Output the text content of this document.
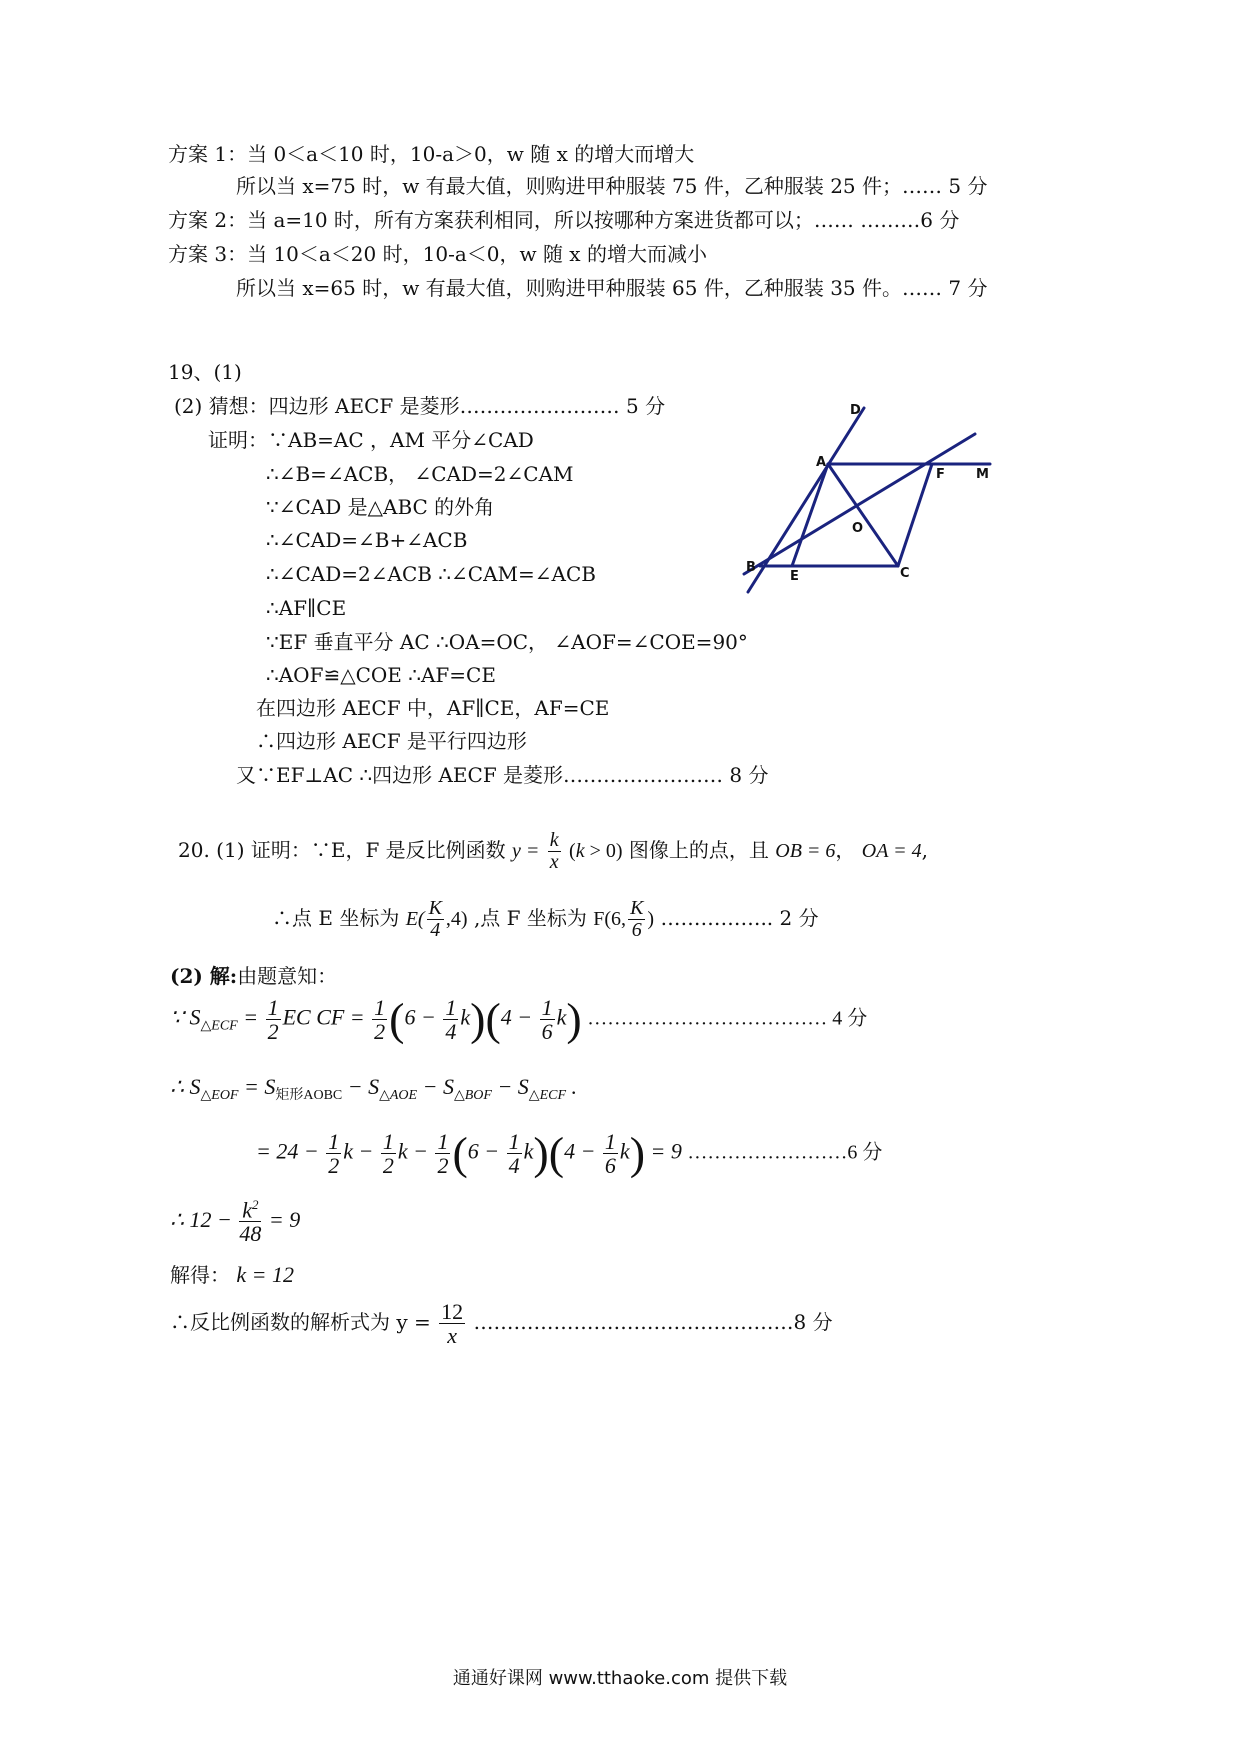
方案 1：当 0＜a＜10 时，10-a＞0，w 随 x 的增大而增大
所以当 x=75 时，w 有最大值，则购进甲种服装 75 件，乙种服装 25 件；…… 5 分
方案 2：当 a=10 时，所有方案获利相同，所以按哪种方案进货都可以；…… ………6 分
方案 3：当 10＜a＜20 时，10-a＜0，w 随 x 的增大而减小
所以当 x=65 时，w 有最大值，则购进甲种服装 65 件，乙种服装 35 件。…… 7 分
19、(1)
(2) 猜想：四边形 AECF 是菱形…………………… 5 分
证明：∵AB=AC ，AM 平分∠CAD
∴∠B=∠ACB， ∠CAD=2∠CAM
∵∠CAD 是△ABC 的外角
∴∠CAD=∠B+∠ACB
∴∠CAD=2∠ACB ∴∠CAM=∠ACB
∴AF∥CE
∵EF 垂直平分 AC ∴OA=OC， ∠AOF=∠COE=90°
∴AOF≌△COE ∴AF=CE
在四边形 AECF 中，AF∥CE，AF=CE
∴四边形 AECF 是平行四边形
又∵EF⊥AC ∴四边形 AECF 是菱形…………………… 8 分
A
B	C
D
E
F M
O
20. (1) 证明：∵E，F 是反比例函数 $y = \frac{k}{x} (k > 0)$ 图像上的点，且 OB = 6， OA = 4,
∴点 E 坐标为 $E( \frac{K}{4} ,4)$ ,点 F 坐标为 F(6, $\frac{K}{6}$ ) …………….. 2 分
(2) 解:由题意知：
∵ $S_{\triangle ECF} = \frac{1}{2}$ EC CF = $\frac{1}{2} (6 - \frac{1}{4} k)(4 - \frac{1}{6} k)$ ……………………………… 4 分
∴ $S_{\triangle EOF} = S_{矩形AOBC} - S_{\triangle AOE} - S_{\triangle BOF} - S_{\triangle ECF}$ .
= $24 - \frac{1}{2}$ $k - \frac{1}{2}$ $k - \frac{1}{2} (6 - \frac{1}{4} k)(4 - \frac{1}{6} k) = 9$ ……………………6 分
∴ $12 - \frac{k^2}{48} = 9$
解得： k = 12
∴反比例函数的解析式为 $y = \frac{12}{x}$ …………………………………………8 分
通通好课网 www.tthaoke.com 提供下载
